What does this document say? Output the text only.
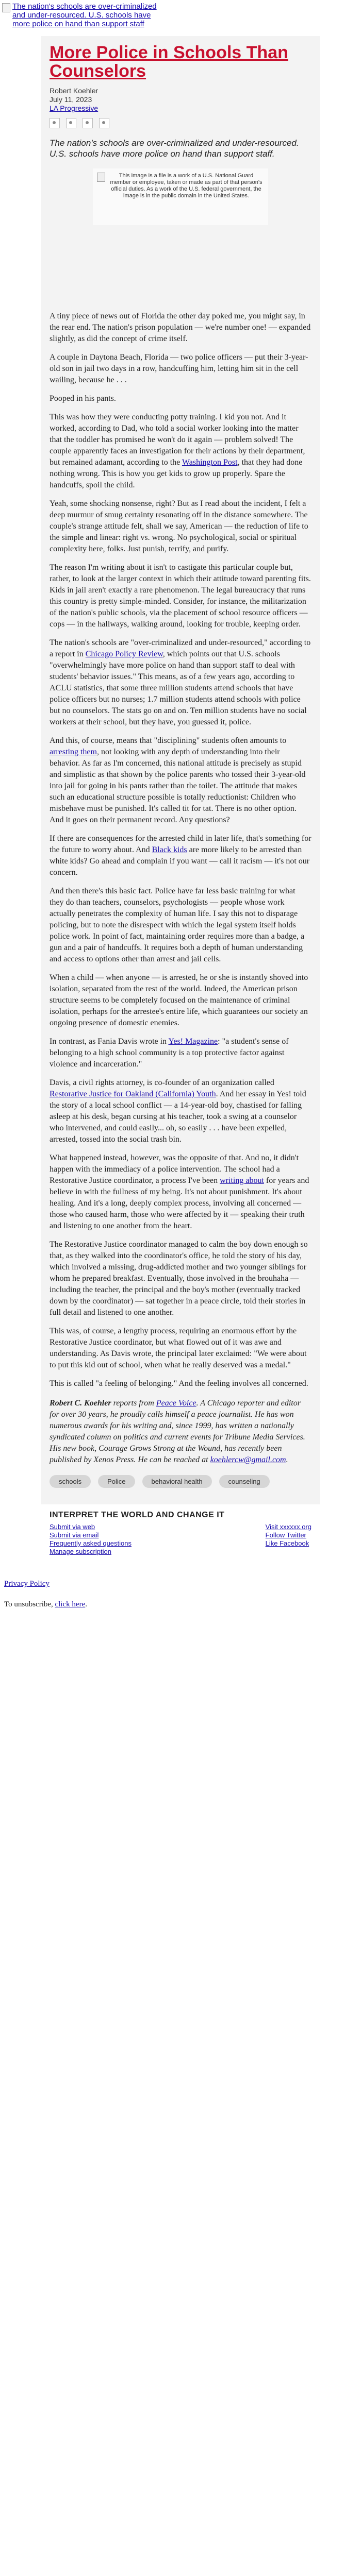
The nation's schools are over-criminalized and under-resourced. U.S. schools have more police on hand than support staff
More Police in Schools Than Counselors
Robert Koehler
July 11, 2023
LA Progressive

The nation's schools are over-criminalized and under-resourced. U.S. schools have more police on hand than support staff.

This image is a file is a work of a U.S. National Guard member or employee, taken or made as part of that person's official duties. As a work of the U.S. federal government, the image is in the public domain in the United States.

A tiny piece of news out of Florida the other day poked me, you might say, in the rear end. The nation's prison population — we're number one! — expanded slightly, as did the concept of crime itself.

A couple in Daytona Beach, Florida — two police officers — put their 3-year-old son in jail two days in a row, handcuffing him, letting him sit in the cell wailing, because he . . .

Pooped in his pants.

This was how they were conducting potty training. I kid you not. And it worked, according to Dad, who told a social worker looking into the matter that the toddler has promised he won't do it again — problem solved! The couple apparently faces an investigation for their actions by their department, but remained adamant, according to the Washington Post, that they had done nothing wrong. This is how you get kids to grow up properly. Spare the handcuffs, spoil the child.

Yeah, some shocking nonsense, right? But as I read about the incident, I felt a deep murmur of smug certainty resonating off in the distance somewhere. The couple's strange attitude felt, shall we say, American — the reduction of life to the simple and linear: right vs. wrong. No psychological, social or spiritual complexity here, folks. Just punish, terrify, and purify.

The reason I'm writing about it isn't to castigate this particular couple but, rather, to look at the larger context in which their attitude toward parenting fits. Kids in jail aren't exactly a rare phenomenon. The legal bureaucracy that runs this country is pretty simple-minded. Consider, for instance, the militarization of the nation's public schools, via the placement of school resource officers — cops — in the hallways, walking around, looking for trouble, keeping order.

The nation's schools are "over-criminalized and under-resourced," according to a report in Chicago Policy Review, which points out that U.S. schools "overwhelmingly have more police on hand than support staff to deal with students' behavior issues." This means, as of a few years ago, according to ACLU statistics, that some three million students attend schools that have police officers but no nurses; 1.7 million students attend schools with police but no counselors. The stats go on and on. Ten million students have no social workers at their school, but they have, you guessed it, police.

And this, of course, means that "disciplining" students often amounts to arresting them, not looking with any depth of understanding into their behavior. As far as I'm concerned, this national attitude is precisely as stupid and simplistic as that shown by the police parents who tossed their 3-year-old into jail for going in his pants rather than the toilet. The attitude that makes such an educational structure possible is totally reductionist: Children who misbehave must be punished. It's called tit for tat. There is no other option. And it goes on their permanent record. Any questions?

If there are consequences for the arrested child in later life, that's something for the future to worry about. And Black kids are more likely to be arrested than white kids? Go ahead and complain if you want — call it racism — it's not our concern.

And then there's this basic fact. Police have far less basic training for what they do than teachers, counselors, psychologists — people whose work actually penetrates the complexity of human life. I say this not to disparage policing, but to note the disrespect with which the legal system itself holds police work. In point of fact, maintaining order requires more than a badge, a gun and a pair of handcuffs. It requires both a depth of human understanding and access to options other than arrest and jail cells.

When a child — when anyone — is arrested, he or she is instantly shoved into isolation, separated from the rest of the world. Indeed, the American prison structure seems to be completely focused on the maintenance of criminal isolation, perhaps for the arrestee's entire life, which guarantees our society an ongoing presence of domestic enemies.

In contrast, as Fania Davis wrote in Yes! Magazine: "a student's sense of belonging to a high school community is a top protective factor against violence and incarceration."

Davis, a civil rights attorney, is co-founder of an organization called Restorative Justice for Oakland (California) Youth. And her essay in Yes! told the story of a local school conflict — a 14-year-old boy, chastised for falling asleep at his desk, began cursing at his teacher, took a swing at a counselor who intervened, and could easily... oh, so easily . . . have been expelled, arrested, tossed into the social trash bin.

What happened instead, however, was the opposite of that. And no, it didn't happen with the immediacy of a police intervention. The school had a Restorative Justice coordinator, a process I've been writing about for years and believe in with the fullness of my being. It's not about punishment. It's about healing. And it's a long, deeply complex process, involving all concerned — those who caused harm, those who were affected by it — speaking their truth and listening to one another from the heart.

The Restorative Justice coordinator managed to calm the boy down enough so that, as they walked into the coordinator's office, he told the story of his day, which involved a missing, drug-addicted mother and two younger siblings for whom he prepared breakfast. Eventually, those involved in the brouhaha — including the teacher, the principal and the boy's mother (eventually tracked down by the coordinator) — sat together in a peace circle, told their stories in full detail and listened to one another.

This was, of course, a lengthy process, requiring an enormous effort by the Restorative Justice coordinator, but what flowed out of it was awe and understanding. As Davis wrote, the principal later exclaimed: "We were about to put this kid out of school, when what he really deserved was a medal."

This is called "a feeling of belonging." And the feeling involves all concerned.

Robert C. Koehler reports from Peace Voice. A Chicago reporter and editor for over 30 years, he proudly calls himself a peace journalist. He has won numerous awards for his writing and, since 1999, has written a nationally syndicated column on politics and current events for Tribune Media Services. His new book, Courage Grows Strong at the Wound, has recently been published by Xenos Press. He can be reached at koehlercw@gmail.com.
schools	Police	behavioral health	counseling
INTERPRET THE WORLD AND CHANGE IT
Submit via web
Submit via email
Frequently asked questions
Manage subscription
Visit xxxxxx.org
Follow Twitter
Like Facebook

Privacy Policy

To unsubscribe, click here.
